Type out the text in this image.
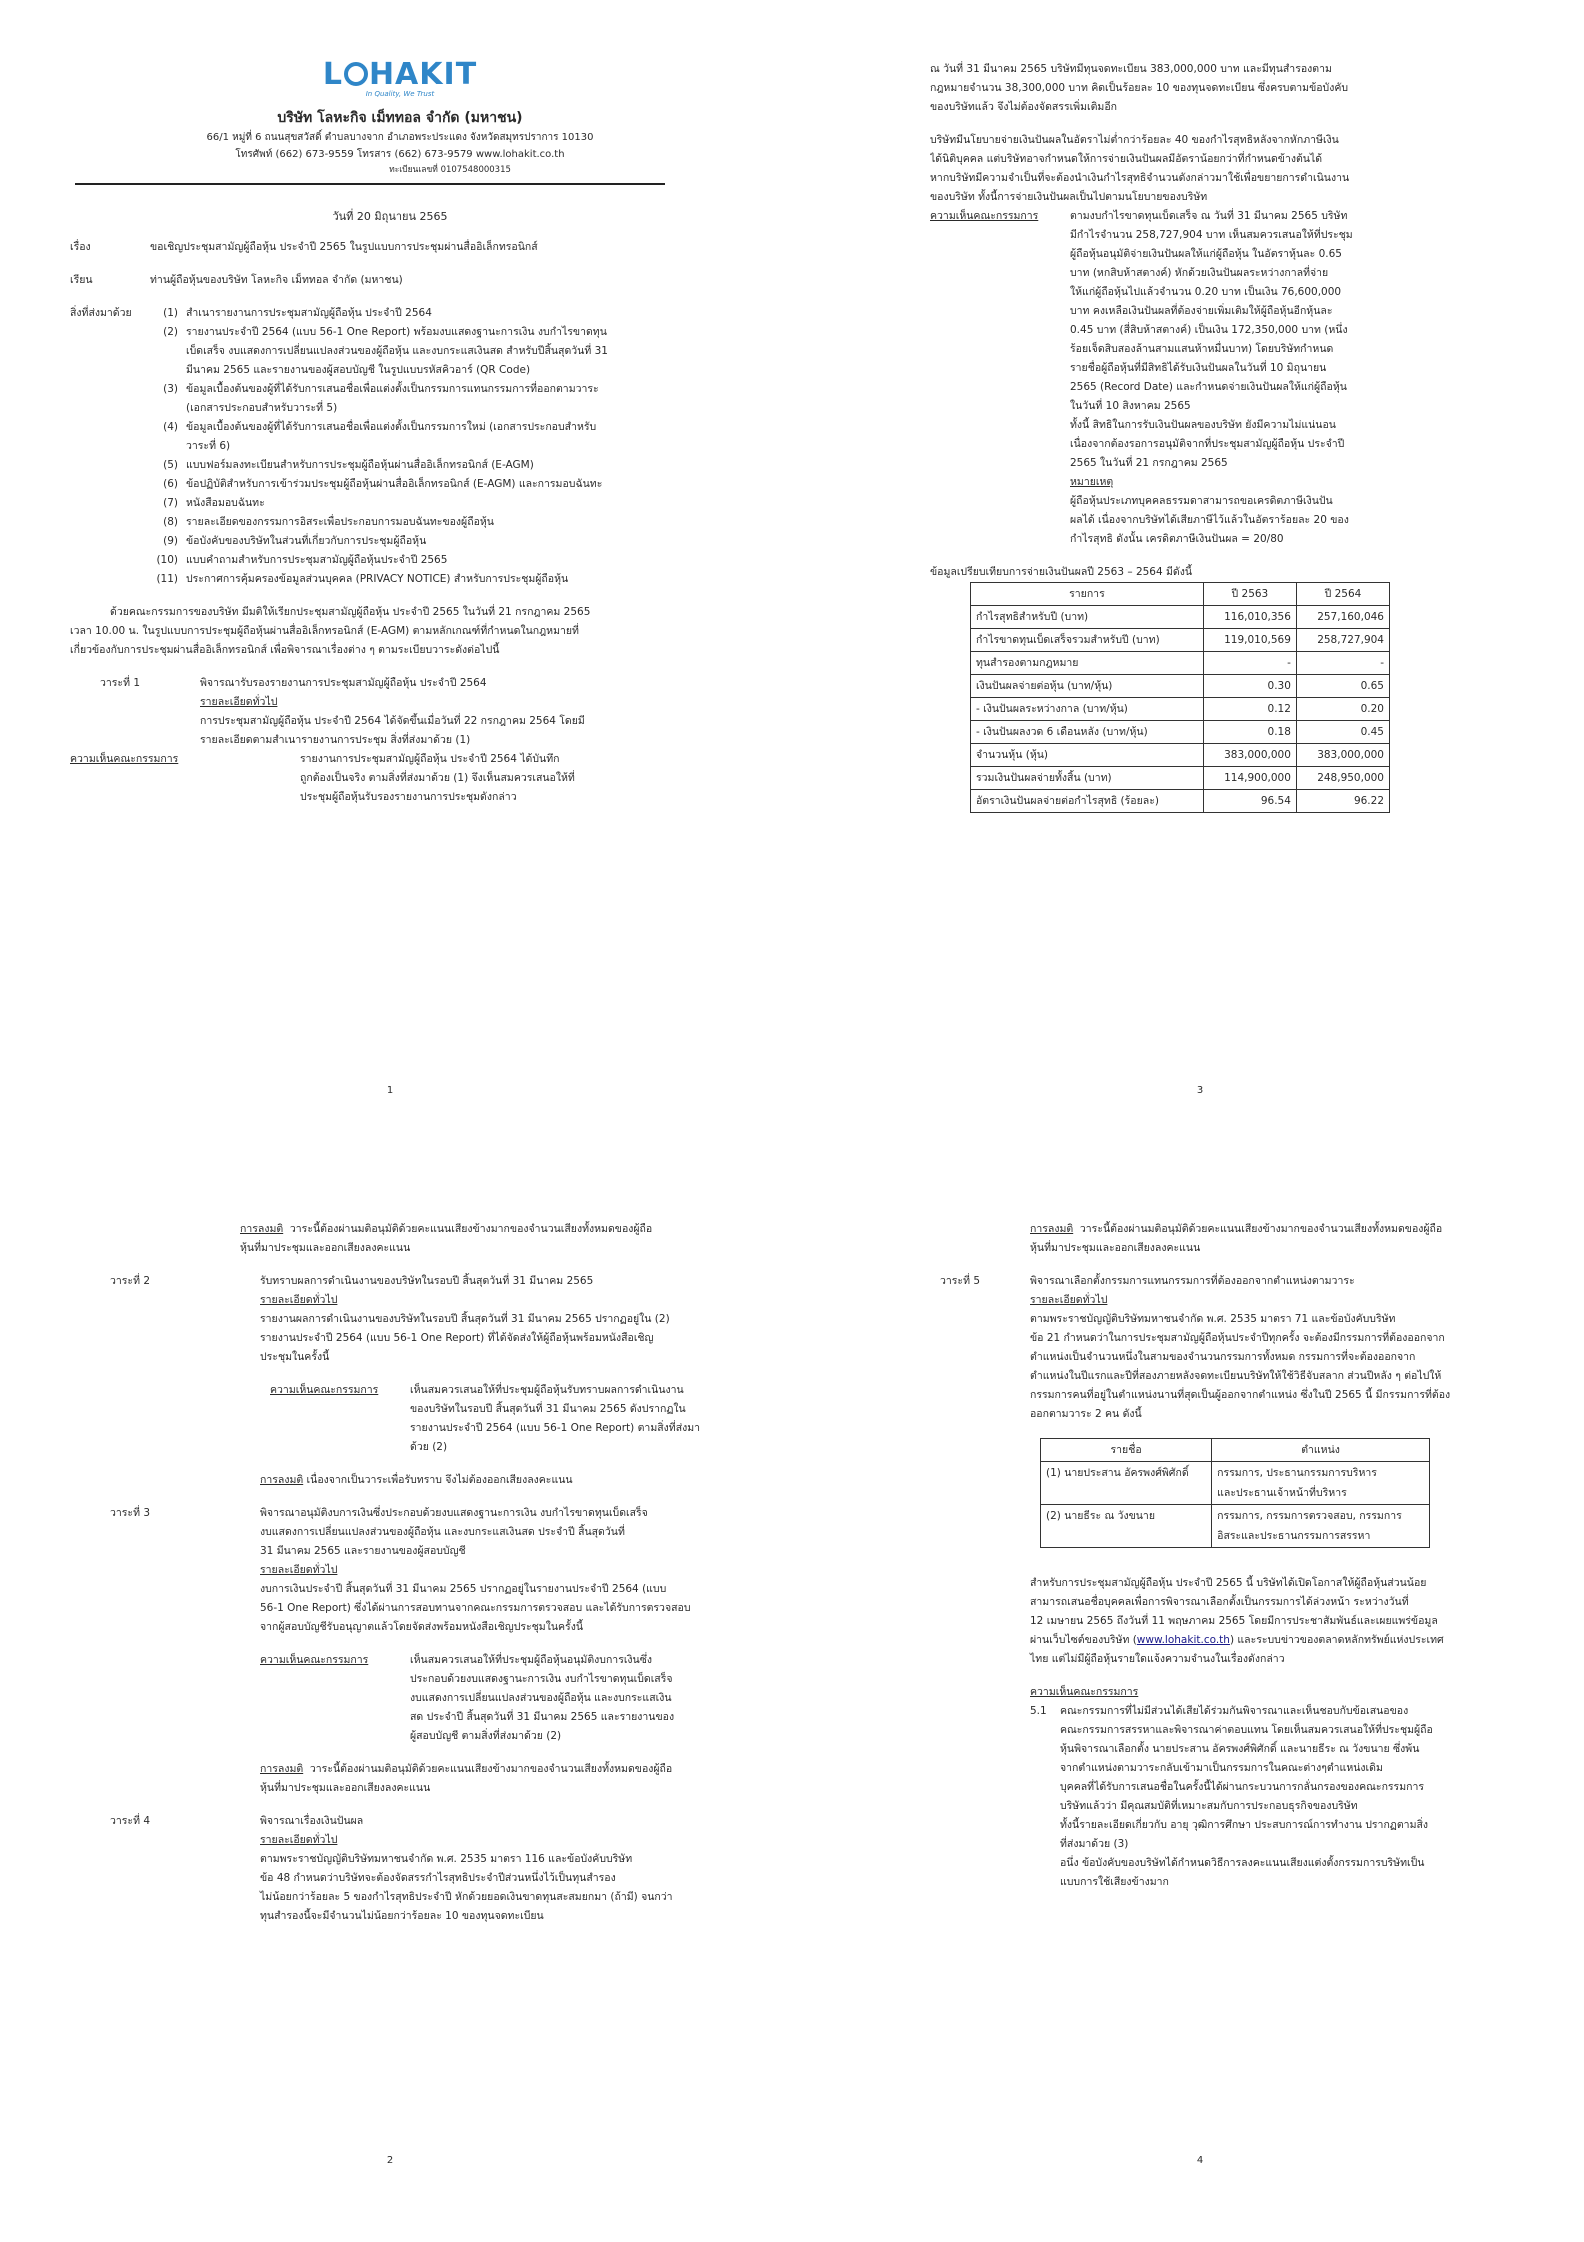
L HAKIT
In Quality, We Trust
บริษัท โลหะกิจ เม็ททอล จำกัด (มหาชน)
66/1 หมู่ที่ 6 ถนนสุขสวัสดิ์ ตำบลบางจาก อำเภอพระประแดง จังหวัดสมุทรปราการ 10130
โทรศัพท์ (662) 673-9559 โทรสาร (662) 673-9579 www.lohakit.co.th
ทะเบียนเลขที่ 0107548000315
วันที่ 20 มิถุนายน 2565
เรื่อง	ขอเชิญประชุมสามัญผู้ถือหุ้น ประจำปี 2565 ในรูปแบบการประชุมผ่านสื่ออิเล็กทรอนิกส์
เรียน	ท่านผู้ถือหุ้นของบริษัท โลหะกิจ เม็ททอล จำกัด (มหาชน)
สิ่งที่ส่งมาด้วย	(1) สำเนารายงานการประชุมสามัญผู้ถือหุ้น ประจำปี 2564
(2) รายงานประจำปี 2564 (แบบ 56-1 One Report) พร้อมงบแสดงฐานะการเงิน งบกำไรขาดทุน
เบ็ดเสร็จ งบแสดงการเปลี่ยนแปลงส่วนของผู้ถือหุ้น และงบกระแสเงินสด สำหรับปีสิ้นสุดวันที่ 31
มีนาคม 2565 และรายงานของผู้สอบบัญชี ในรูปแบบรหัสคิวอาร์ (QR Code)
(3) ข้อมูลเบื้องต้นของผู้ที่ได้รับการเสนอชื่อเพื่อแต่งตั้งเป็นกรรมการแทนกรรมการที่ออกตามวาระ
(เอกสารประกอบสำหรับวาระที่ 5)
(4) ข้อมูลเบื้องต้นของผู้ที่ได้รับการเสนอชื่อเพื่อแต่งตั้งเป็นกรรมการใหม่ (เอกสารประกอบสำหรับ
วาระที่ 6)
(5) แบบฟอร์มลงทะเบียนสำหรับการประชุมผู้ถือหุ้นผ่านสื่ออิเล็กทรอนิกส์ (E-AGM)
(6) ข้อปฏิบัติสำหรับการเข้าร่วมประชุมผู้ถือหุ้นผ่านสื่ออิเล็กทรอนิกส์ (E-AGM) และการมอบฉันทะ
(7) หนังสือมอบฉันทะ
(8) รายละเอียดของกรรมการอิสระเพื่อประกอบการมอบฉันทะของผู้ถือหุ้น
(9) ข้อบังคับของบริษัทในส่วนที่เกี่ยวกับการประชุมผู้ถือหุ้น
(10) แบบคำถามสำหรับการประชุมสามัญผู้ถือหุ้นประจำปี 2565
(11) ประกาศการคุ้มครองข้อมูลส่วนบุคคล (PRIVACY NOTICE) สำหรับการประชุมผู้ถือหุ้น
ด้วยคณะกรรมการของบริษัท มีมติให้เรียกประชุมสามัญผู้ถือหุ้น ประจำปี 2565 ในวันที่ 21 กรกฎาคม 2565
เวลา 10.00 น. ในรูปแบบการประชุมผู้ถือหุ้นผ่านสื่ออิเล็กทรอนิกส์ (E-AGM) ตามหลักเกณฑ์ที่กำหนดในกฎหมายที่
เกี่ยวข้องกับการประชุมผ่านสื่ออิเล็กทรอนิกส์ เพื่อพิจารณาเรื่องต่าง ๆ ตามระเบียบวาระดังต่อไปนี้
วาระที่ 1	พิจารณารับรองรายงานการประชุมสามัญผู้ถือหุ้น ประจำปี 2564
รายละเอียดทั่วไป
การประชุมสามัญผู้ถือหุ้น ประจำปี 2564 ได้จัดขึ้นเมื่อวันที่ 22 กรกฎาคม 2564 โดยมี
รายละเอียดตามสำเนารายงานการประชุม สิ่งที่ส่งมาด้วย (1)
ความเห็นคณะกรรมการ	รายงานการประชุมสามัญผู้ถือหุ้น ประจำปี 2564 ได้บันทึก
ถูกต้องเป็นจริง ตามสิ่งที่ส่งมาด้วย (1) จึงเห็นสมควรเสนอให้ที่
ประชุมผู้ถือหุ้นรับรองรายงานการประชุมดังกล่าว
1
ณ วันที่ 31 มีนาคม 2565 บริษัทมีทุนจดทะเบียน 383,000,000 บาท และมีทุนสำรองตาม
กฎหมายจำนวน 38,300,000 บาท คิดเป็นร้อยละ 10 ของทุนจดทะเบียน ซึ่งครบตามข้อบังคับ
ของบริษัทแล้ว จึงไม่ต้องจัดสรรเพิ่มเติมอีก
บริษัทมีนโยบายจ่ายเงินปันผลในอัตราไม่ต่ำกว่าร้อยละ 40 ของกำไรสุทธิหลังจากหักภาษีเงิน
ได้นิติบุคคล แต่บริษัทอาจกำหนดให้การจ่ายเงินปันผลมีอัตราน้อยกว่าที่กำหนดข้างต้นได้
หากบริษัทมีความจำเป็นที่จะต้องนำเงินกำไรสุทธิจำนวนดังกล่าวมาใช้เพื่อขยายการดำเนินงาน
ของบริษัท ทั้งนี้การจ่ายเงินปันผลเป็นไปตามนโยบายของบริษัท
ความเห็นคณะกรรมการ	ตามงบกำไรขาดทุนเบ็ดเสร็จ ณ วันที่ 31 มีนาคม 2565 บริษัท
มีกำไรจำนวน 258,727,904 บาท เห็นสมควรเสนอให้ที่ประชุม
ผู้ถือหุ้นอนุมัติจ่ายเงินปันผลให้แก่ผู้ถือหุ้น ในอัตราหุ้นละ 0.65
บาท (หกสิบห้าสตางค์) หักด้วยเงินปันผลระหว่างกาลที่จ่าย
ให้แก่ผู้ถือหุ้นไปแล้วจำนวน 0.20 บาท เป็นเงิน 76,600,000
บาท คงเหลือเงินปันผลที่ต้องจ่ายเพิ่มเติมให้ผู้ถือหุ้นอีกหุ้นละ
0.45 บาท (สี่สิบห้าสตางค์) เป็นเงิน 172,350,000 บาท (หนึ่ง
ร้อยเจ็ดสิบสองล้านสามแสนห้าหมื่นบาท) โดยบริษัทกำหนด
รายชื่อผู้ถือหุ้นที่มีสิทธิได้รับเงินปันผลในวันที่ 10 มิถุนายน
2565 (Record Date) และกำหนดจ่ายเงินปันผลให้แก่ผู้ถือหุ้น
ในวันที่ 10 สิงหาคม 2565
ทั้งนี้ สิทธิในการรับเงินปันผลของบริษัท ยังมีความไม่แน่นอน
เนื่องจากต้องรอการอนุมัติจากที่ประชุมสามัญผู้ถือหุ้น ประจำปี
2565 ในวันที่ 21 กรกฎาคม 2565
หมายเหตุ
ผู้ถือหุ้นประเภทบุคคลธรรมดาสามารถขอเครดิตภาษีเงินปัน
ผลได้ เนื่องจากบริษัทได้เสียภาษีไว้แล้วในอัตราร้อยละ 20 ของ
กำไรสุทธิ ดังนั้น เครดิตภาษีเงินปันผล = 20/80
ข้อมูลเปรียบเทียบการจ่ายเงินปันผลปี 2563 – 2564 มีดังนี้
รายการ	ปี 2563	ปี 2564
กำไรสุทธิสำหรับปี (บาท)	116,010,356	257,160,046
กำไรขาดทุนเบ็ดเสร็จรวมสำหรับปี (บาท)	119,010,569	258,727,904
ทุนสำรองตามกฎหมาย	-	-
เงินปันผลจ่ายต่อหุ้น (บาท/หุ้น)	0.30	0.65
- เงินปันผลระหว่างกาล (บาท/หุ้น)	0.12	0.20
- เงินปันผลงวด 6 เดือนหลัง (บาท/หุ้น)	0.18	0.45
จำนวนหุ้น (หุ้น)	383,000,000	383,000,000
รวมเงินปันผลจ่ายทั้งสิ้น (บาท)	114,900,000	248,950,000
อัตราเงินปันผลจ่ายต่อกำไรสุทธิ (ร้อยละ)	96.54	96.22
3
การลงมติ วาระนี้ต้องผ่านมติอนุมัติด้วยคะแนนเสียงข้างมากของจำนวนเสียงทั้งหมดของผู้ถือ
หุ้นที่มาประชุมและออกเสียงลงคะแนน
วาระที่ 2	รับทราบผลการดำเนินงานของบริษัทในรอบปี สิ้นสุดวันที่ 31 มีนาคม 2565
รายละเอียดทั่วไป
รายงานผลการดำเนินงานของบริษัทในรอบปี สิ้นสุดวันที่ 31 มีนาคม 2565 ปรากฏอยู่ใน (2)
รายงานประจำปี 2564 (แบบ 56-1 One Report) ที่ได้จัดส่งให้ผู้ถือหุ้นพร้อมหนังสือเชิญ
ประชุมในครั้งนี้
ความเห็นคณะกรรมการ	เห็นสมควรเสนอให้ที่ประชุมผู้ถือหุ้นรับทราบผลการดำเนินงาน
ของบริษัทในรอบปี สิ้นสุดวันที่ 31 มีนาคม 2565 ดังปรากฏใน
รายงานประจำปี 2564 (แบบ 56-1 One Report) ตามสิ่งที่ส่งมา
ด้วย (2)
การลงมติ เนื่องจากเป็นวาระเพื่อรับทราบ จึงไม่ต้องออกเสียงลงคะแนน
วาระที่ 3	พิจารณาอนุมัติงบการเงินซึ่งประกอบด้วยงบแสดงฐานะการเงิน งบกำไรขาดทุนเบ็ดเสร็จ
งบแสดงการเปลี่ยนแปลงส่วนของผู้ถือหุ้น และงบกระแสเงินสด ประจำปี สิ้นสุดวันที่
31 มีนาคม 2565 และรายงานของผู้สอบบัญชี
รายละเอียดทั่วไป
งบการเงินประจำปี สิ้นสุดวันที่ 31 มีนาคม 2565 ปรากฏอยู่ในรายงานประจำปี 2564 (แบบ
56-1 One Report) ซึ่งได้ผ่านการสอบทานจากคณะกรรมการตรวจสอบ และได้รับการตรวจสอบ
จากผู้สอบบัญชีรับอนุญาตแล้วโดยจัดส่งพร้อมหนังสือเชิญประชุมในครั้งนี้
ความเห็นคณะกรรมการ	เห็นสมควรเสนอให้ที่ประชุมผู้ถือหุ้นอนุมัติงบการเงินซึ่ง
ประกอบด้วยงบแสดงฐานะการเงิน งบกำไรขาดทุนเบ็ดเสร็จ
งบแสดงการเปลี่ยนแปลงส่วนของผู้ถือหุ้น และงบกระแสเงิน
สด ประจำปี สิ้นสุดวันที่ 31 มีนาคม 2565 และรายงานของ
ผู้สอบบัญชี ตามสิ่งที่ส่งมาด้วย (2)
การลงมติ วาระนี้ต้องผ่านมติอนุมัติด้วยคะแนนเสียงข้างมากของจำนวนเสียงทั้งหมดของผู้ถือ
หุ้นที่มาประชุมและออกเสียงลงคะแนน
วาระที่ 4	พิจารณาเรื่องเงินปันผล
รายละเอียดทั่วไป
ตามพระราชบัญญัติบริษัทมหาชนจำกัด พ.ศ. 2535 มาตรา 116 และข้อบังคับบริษัท
ข้อ 48 กำหนดว่าบริษัทจะต้องจัดสรรกำไรสุทธิประจำปีส่วนหนึ่งไว้เป็นทุนสำรอง
ไม่น้อยกว่าร้อยละ 5 ของกำไรสุทธิประจำปี หักด้วยยอดเงินขาดทุนสะสมยกมา (ถ้ามี) จนกว่า
ทุนสำรองนี้จะมีจำนวนไม่น้อยกว่าร้อยละ 10 ของทุนจดทะเบียน
2
การลงมติ วาระนี้ต้องผ่านมติอนุมัติด้วยคะแนนเสียงข้างมากของจำนวนเสียงทั้งหมดของผู้ถือ
หุ้นที่มาประชุมและออกเสียงลงคะแนน
วาระที่ 5	พิจารณาเลือกตั้งกรรมการแทนกรรมการที่ต้องออกจากตำแหน่งตามวาระ
รายละเอียดทั่วไป
ตามพระราชบัญญัติบริษัทมหาชนจำกัด พ.ศ. 2535 มาตรา 71 และข้อบังคับบริษัท
ข้อ 21 กำหนดว่าในการประชุมสามัญผู้ถือหุ้นประจำปีทุกครั้ง จะต้องมีกรรมการที่ต้องออกจาก
ตำแหน่งเป็นจำนวนหนึ่งในสามของจำนวนกรรมการทั้งหมด กรรมการที่จะต้องออกจาก
ตำแหน่งในปีแรกและปีที่สองภายหลังจดทะเบียนบริษัทให้ใช้วิธีจับสลาก ส่วนปีหลัง ๆ ต่อไปให้
กรรมการคนที่อยู่ในตำแหน่งนานที่สุดเป็นผู้ออกจากตำแหน่ง ซึ่งในปี 2565 นี้ มีกรรมการที่ต้อง
ออกตามวาระ 2 คน ดังนี้
รายชื่อ	ตำแหน่ง
(1) นายประสาน อัครพงศ์พิศักดิ์	กรรมการ, ประธานกรรมการบริหาร
และประธานเจ้าหน้าที่บริหาร

(2) นายธีระ ณ วังขนาย	กรรมการ, กรรมการตรวจสอบ, กรรมการ
อิสระและประธานกรรมการสรรหา
สำหรับการประชุมสามัญผู้ถือหุ้น ประจำปี 2565 นี้ บริษัทได้เปิดโอกาสให้ผู้ถือหุ้นส่วนน้อย
สามารถเสนอชื่อบุคคลเพื่อการพิจารณาเลือกตั้งเป็นกรรมการได้ล่วงหน้า ระหว่างวันที่
12 เมษายน 2565 ถึงวันที่ 11 พฤษภาคม 2565 โดยมีการประชาสัมพันธ์และเผยแพร่ข้อมูล
ผ่านเว็บไซต์ของบริษัท (www.lohakit.co.th) และระบบข่าวของตลาดหลักทรัพย์แห่งประเทศ
ไทย แต่ไม่มีผู้ถือหุ้นรายใดแจ้งความจำนงในเรื่องดังกล่าว
ความเห็นคณะกรรมการ
5.1	คณะกรรมการที่ไม่มีส่วนได้เสียได้ร่วมกันพิจารณาและเห็นชอบกับข้อเสนอของ
คณะกรรมการสรรหาและพิจารณาค่าตอบแทน โดยเห็นสมควรเสนอให้ที่ประชุมผู้ถือ
หุ้นพิจารณาเลือกตั้ง นายประสาน อัครพงศ์พิศักดิ์ และนายธีระ ณ วังขนาย ซึ่งพ้น
จากตำแหน่งตามวาระกลับเข้ามาเป็นกรรมการในคณะต่างๆตำแหน่งเดิม
บุคคลที่ได้รับการเสนอชื่อในครั้งนี้ได้ผ่านกระบวนการกลั่นกรองของคณะกรรมการ
บริษัทแล้วว่า มีคุณสมบัติที่เหมาะสมกับการประกอบธุรกิจของบริษัท
ทั้งนี้รายละเอียดเกี่ยวกับ อายุ วุฒิการศึกษา ประสบการณ์การทำงาน ปรากฏตามสิ่ง
ที่ส่งมาด้วย (3)
อนึ่ง ข้อบังคับของบริษัทได้กำหนดวิธีการลงคะแนนเสียงแต่งตั้งกรรมการบริษัทเป็น
แบบการใช้เสียงข้างมาก
4
